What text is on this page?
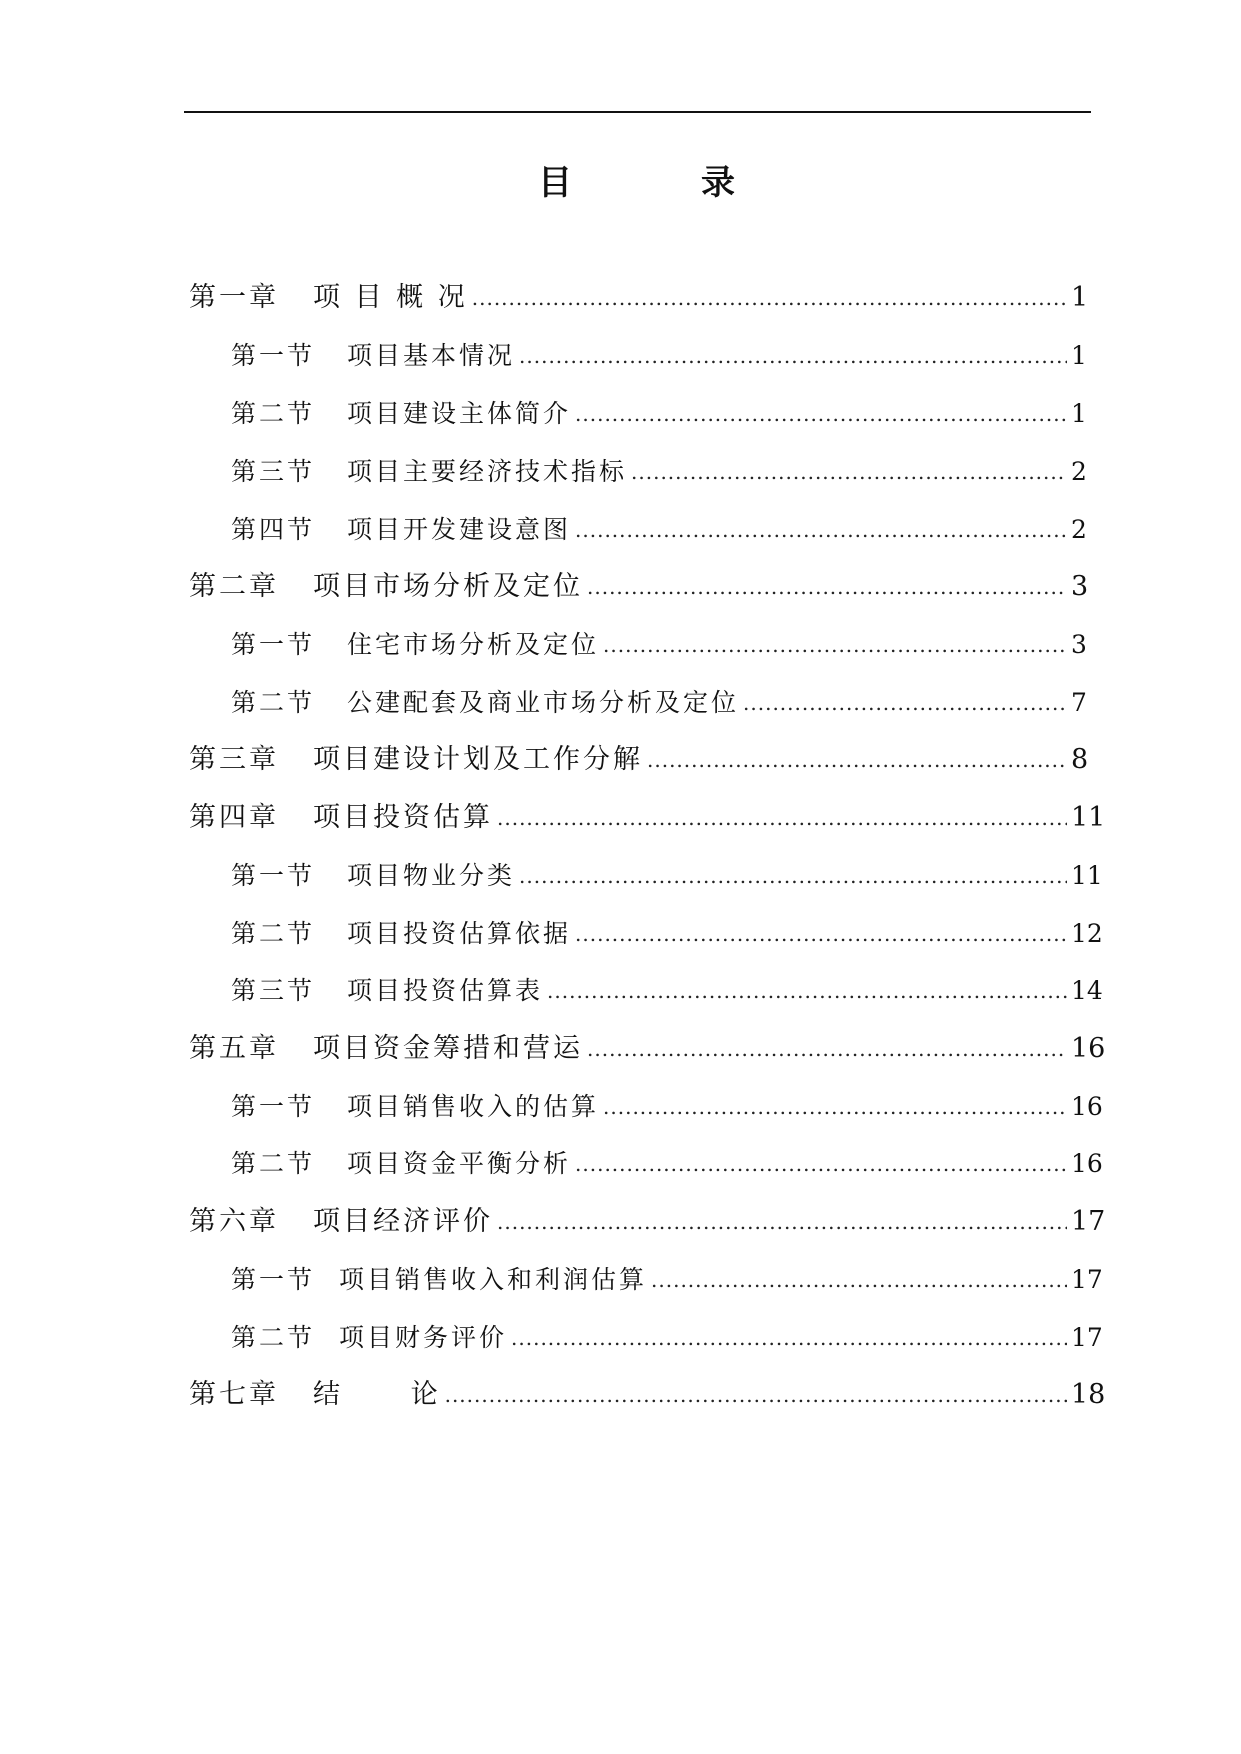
目	录
第一章 项 目 概 况 .....	1
第一节 项目基本情况 .....	1
第二节 项目建设主体简介 .....	1
第三节 项目主要经济技术指标 .....	2
第四节 项目开发建设意图 .....	2
第二章 项目市场分析及定位 .....	3
第一节 住宅市场分析及定位 .....	3
第二节 公建配套及商业市场分析及定位 .....	7
第三章 项目建设计划及工作分解 .....	8
第四章 项目投资估算 .....	11
第一节 项目物业分类 .....	11
第二节 项目投资估算依据 .....	12
第三节 项目投资估算表 .....	14
第五章 项目资金筹措和营运 .....	16
第一节 项目销售收入的估算 .....	16
第二节 项目资金平衡分析 .....	16
第六章 项目经济评价 .....	17
第一节 项目销售收入和利润估算 .....	17
第二节 项目财务评价 .....	17
第七章 结 论 .....	18
